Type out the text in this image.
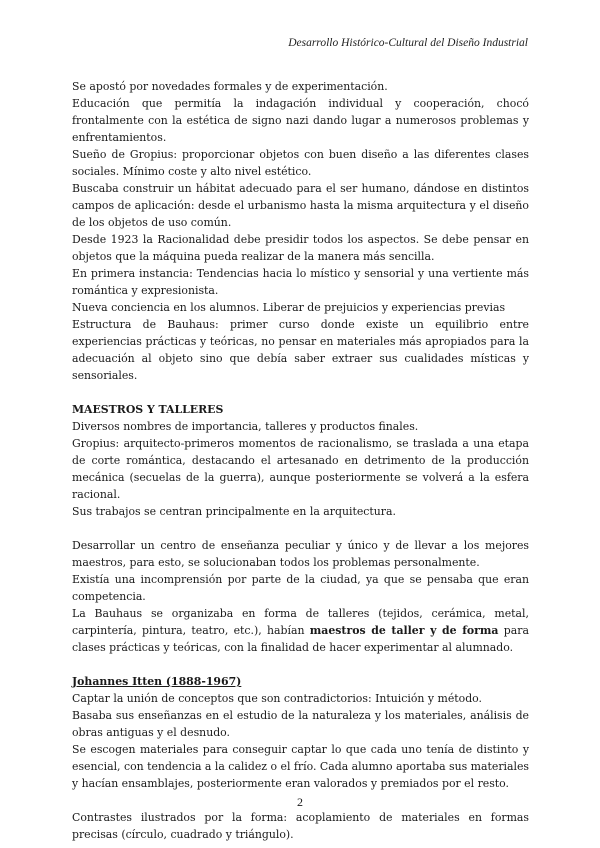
Desarrollo Histórico-Cultural del Diseño Industrial

Se apostó por novedades formales y de experimentación.

Educación que permitía la indagación individual y cooperación, chocó frontalmente con la estética de signo nazi dando lugar a numerosos problemas y enfrentamientos.

Sueño de Gropius: proporcionar objetos con buen diseño a las diferentes clases sociales. Mínimo coste y alto nivel estético.

Buscaba construir un hábitat adecuado para el ser humano, dándose en distintos campos de aplicación: desde el urbanismo hasta la misma arquitectura y el diseño de los objetos de uso común.

Desde 1923 la Racionalidad debe presidir todos los aspectos. Se debe pensar en objetos que la máquina pueda realizar de la manera más sencilla.

En primera instancia: Tendencias hacia lo místico y sensorial y una vertiente más romántica y expresionista.

Nueva conciencia en los alumnos. Liberar de prejuicios y experiencias previas

Estructura de Bauhaus: primer curso donde existe un equilibrio entre experiencias prácticas y teóricas, no pensar en materiales más apropiados para la adecuación al objeto sino que debía saber extraer sus cualidades místicas y sensoriales.

MAESTROS Y TALLERES

Diversos nombres de importancia, talleres y productos finales.

Gropius: arquitecto-primeros momentos de racionalismo, se traslada a una etapa de corte romántica, destacando el artesanado en detrimento de la producción mecánica (secuelas de la guerra), aunque posteriormente se volverá a la esfera racional.

Sus trabajos se centran principalmente en la arquitectura.

Desarrollar un centro de enseñanza peculiar y único y de llevar a los mejores maestros, para esto, se solucionaban todos los problemas personalmente.

Existía una incomprensión por parte de la ciudad, ya que se pensaba que eran competencia.

La Bauhaus se organizaba en forma de talleres (tejidos, cerámica, metal, carpintería, pintura, teatro, etc.), habían maestros de taller y de forma para clases prácticas y teóricas, con la finalidad de hacer experimentar al alumnado.

Johannes Itten (1888-1967)

Captar la unión de conceptos que son contradictorios: Intuición y método.

Basaba sus enseñanzas en el estudio de la naturaleza y los materiales, análisis de obras antiguas y el desnudo.

Se escogen materiales para conseguir captar lo que cada uno tenía de distinto y esencial, con tendencia a la calidez o el frío. Cada alumno aportaba sus materiales y hacían ensamblajes, posteriormente eran valorados y premiados por el resto.

Contrastes ilustrados por la forma: acoplamiento de materiales en formas precisas (círculo, cuadrado y triángulo).

2
